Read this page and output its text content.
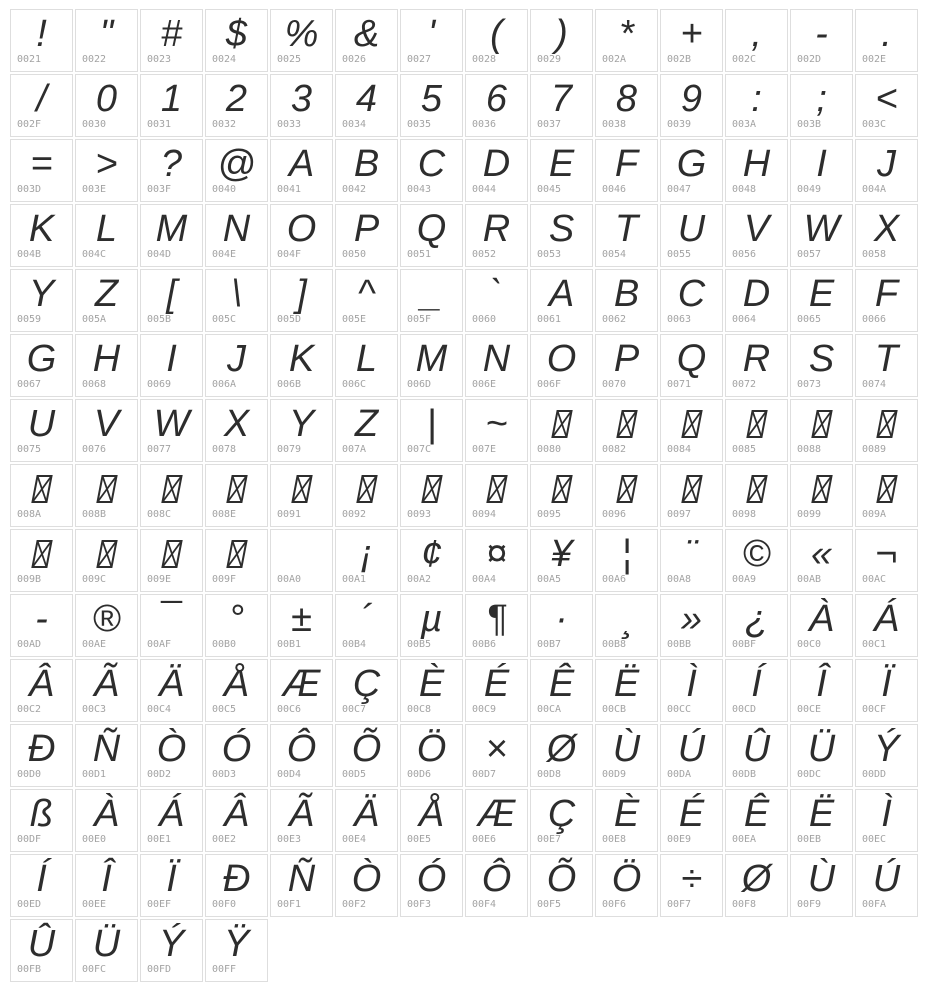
!
0021
"
0022
#
0023
$
0024
%
0025
&
0026
'
0027
(
0028
)
0029
*
002A
+
002B
,
002C
-
002D
.
002E
/
002F
0
0030
1
0031
2
0032
3
0033
4
0034
5
0035
6
0036
7
0037
8
0038
9
0039
:
003A
;
003B
<
003C
=
003D
>
003E
?
003F
@
0040
A
0041
B
0042
C
0043
D
0044
E
0045
F
0046
G
0047
H
0048
I
0049
J
004A
K
004B
L
004C
M
004D
N
004E
O
004F
P
0050
Q
0051
R
0052
S
0053
T
0054
U
0055
V
0056
W
0057
X
0058
Y
0059
Z
005A
[
005B
\
005C
]
005D
^
005E
_
005F
`
0060
A
0061
B
0062
C
0063
D
0064
E
0065
F
0066
G
0067
H
0068
I
0069
J
006A
K
006B
L
006C
M
006D
N
006E
O
006F
P
0070
Q
0071
R
0072
S
0073
T
0074
U
0075
V
0076
W
0077
X
0078
Y
0079
Z
007A
|
007C
~
007E	0080	0082	0084	0085	0088	0089
008A	008B	008C	008E	0091	0092	0093	0094	0095	0096	0097	0098	0099	009A
009B	009C	009E	009F	00A0
¡
00A1
¢
00A2
¤
00A4
¥
00A5
¦
00A6
¨
00A8
©
00A9
«
00AB
¬
00AC
-
00AD
®
00AE
¯
00AF
°
00B0
±
00B1
´
00B4
µ
00B5
¶
00B6
·
00B7
¸
00B8
»
00BB
¿
00BF
À
00C0
Á
00C1
Â
00C2
Ã
00C3
Ä
00C4
Å
00C5
Æ
00C6
Ç
00C7
È
00C8
É
00C9
Ê
00CA
Ë
00CB
Ì
00CC
Í
00CD
Î
00CE
Ï
00CF
Ð
00D0
Ñ
00D1
Ò
00D2
Ó
00D3
Ô
00D4
Õ
00D5
Ö
00D6
×
00D7
Ø
00D8
Ù
00D9
Ú
00DA
Û
00DB
Ü
00DC
Ý
00DD
ß
00DF
À
00E0
Á
00E1
Â
00E2
Ã
00E3
Ä
00E4
Å
00E5
Æ
00E6
Ç
00E7
È
00E8
É
00E9
Ê
00EA
Ë
00EB
Ì
00EC
Í
00ED
Î
00EE
Ï
00EF
Ð
00F0
Ñ
00F1
Ò
00F2
Ó
00F3
Ô
00F4
Õ
00F5
Ö
00F6
÷
00F7
Ø
00F8
Ù
00F9
Ú
00FA
Û
00FB
Ü
00FC
Ý
00FD
Ÿ
00FF
